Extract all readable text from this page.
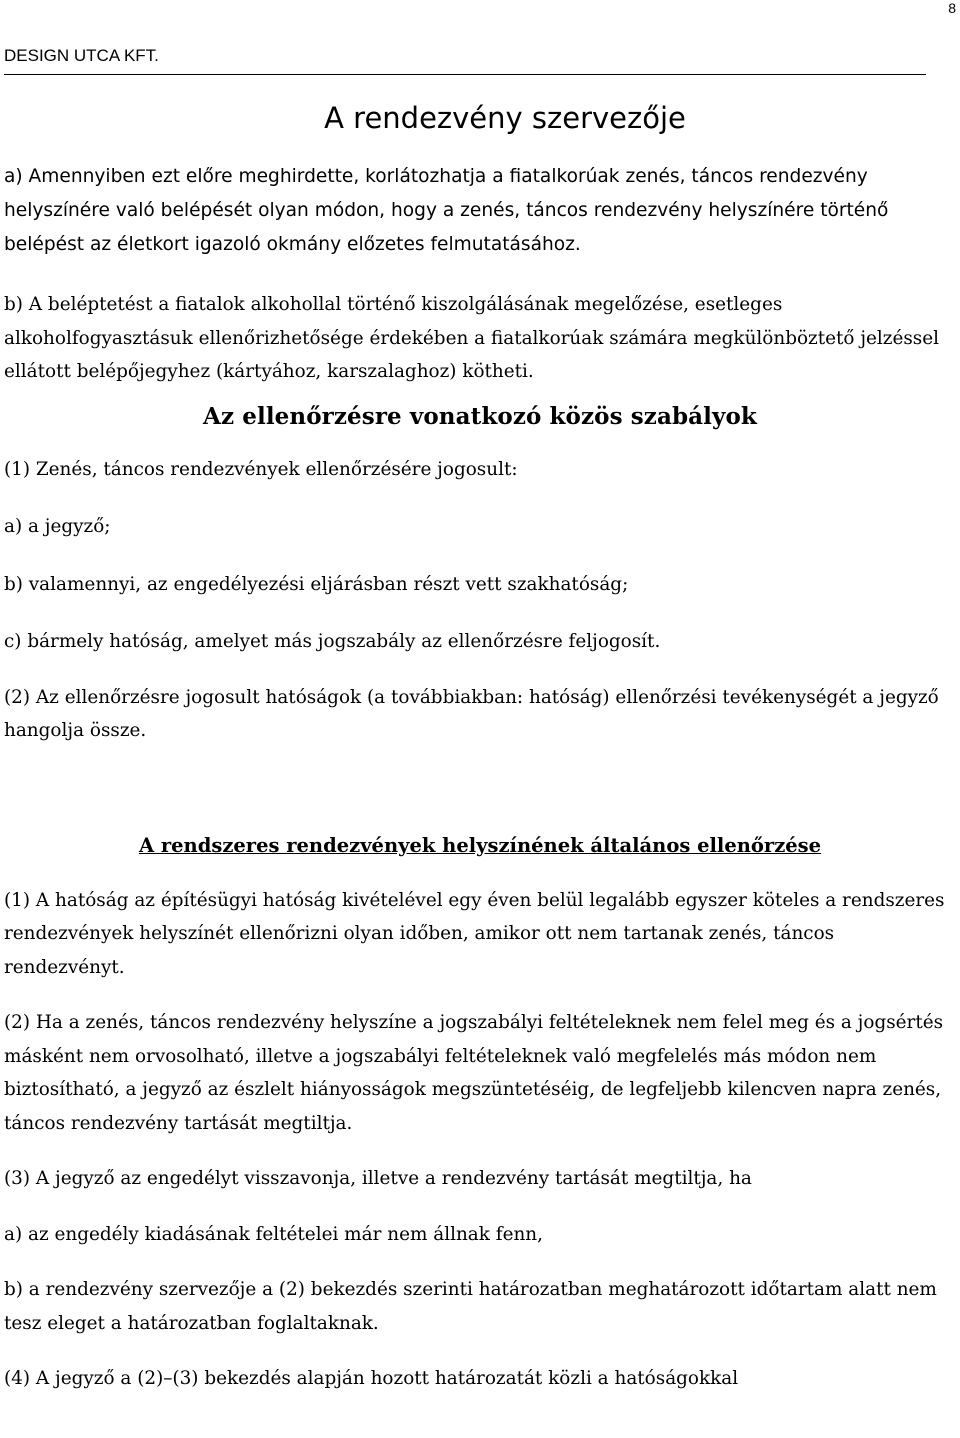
8
DESIGN UTCA KFT.
A rendezvény szervezője

a) Amennyiben ezt előre meghirdette, korlátozhatja a fiatalkorúak zenés, táncos rendezvény helyszínére való belépését olyan módon, hogy a zenés, táncos rendezvény helyszínére történő belépést az életkort igazoló okmány előzetes felmutatásához.

b) A beléptetést a fiatalok alkohollal történő kiszolgálásának megelőzése, esetleges alkoholfogyasztásuk ellenőrizhetősége érdekében a fiatalkorúak számára megkülönböztető jelzéssel ellátott belépőjegyhez (kártyához, karszalaghoz) kötheti.

Az ellenőrzésre vonatkozó közös szabályok

(1) Zenés, táncos rendezvények ellenőrzésére jogosult:

a) a jegyző;

b) valamennyi, az engedélyezési eljárásban részt vett szakhatóság;

c) bármely hatóság, amelyet más jogszabály az ellenőrzésre feljogosít.

(2) Az ellenőrzésre jogosult hatóságok (a továbbiakban: hatóság) ellenőrzési tevékenységét a jegyző hangolja össze.

A rendszeres rendezvények helyszínének általános ellenőrzése

(1) A hatóság az építésügyi hatóság kivételével egy éven belül legalább egyszer köteles a rendszeres rendezvények helyszínét ellenőrizni olyan időben, amikor ott nem tartanak zenés, táncos rendezvényt.

(2) Ha a zenés, táncos rendezvény helyszíne a jogszabályi feltételeknek nem felel meg és a jogsértés másként nem orvosolható, illetve a jogszabályi feltételeknek való megfelelés más módon nem biztosítható, a jegyző az észlelt hiányosságok megszüntetéséig, de legfeljebb kilencven napra zenés, táncos rendezvény tartását megtiltja.

(3) A jegyző az engedélyt visszavonja, illetve a rendezvény tartását megtiltja, ha

a) az engedély kiadásának feltételei már nem állnak fenn,

b) a rendezvény szervezője a (2) bekezdés szerinti határozatban meghatározott időtartam alatt nem tesz eleget a határozatban foglaltaknak.

(4) A jegyző a (2)–(3) bekezdés alapján hozott határozatát közli a hatóságokkal
